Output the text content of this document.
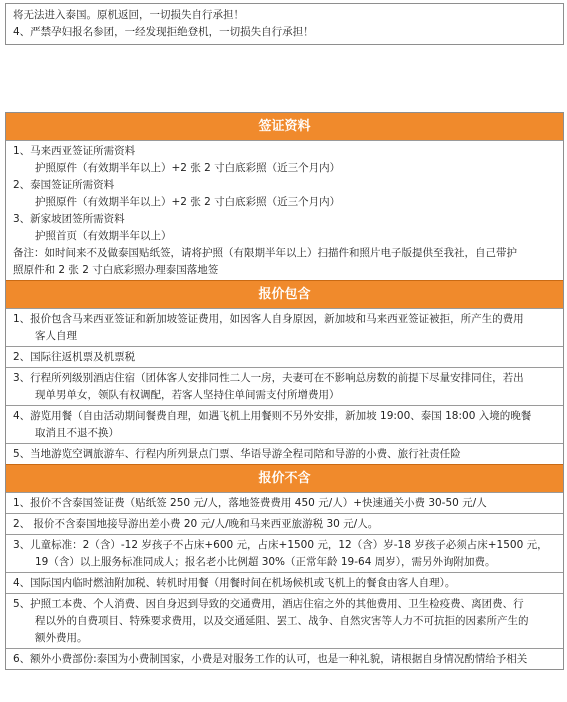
将无法进入泰国。原机返回，一切损失自行承担！
4、严禁孕妇报名参团，一经发现拒绝登机，一切损失自行承担！
签证资料
1、马来西亚签证所需资料
护照原件（有效期半年以上）+2 张 2 寸白底彩照（近三个月内）
2、泰国签证所需资料
护照原件（有效期半年以上）+2 张 2 寸白底彩照（近三个月内）
3、新家坡团签所需资料
护照首页（有效期半年以上）
备注：如时间来不及做泰国贴纸签，请将护照（有限期半年以上）扫描件和照片电子版提供至我社，自己带护
照原件和 2 张 2 寸白底彩照办理泰国落地签
报价包含
1、报价包含马来西亚签证和新加坡签证费用，如因客人自身原因，新加坡和马来西亚签证被拒，所产生的费用
客人自理
2、国际往返机票及机票税
3、行程所列级别酒店住宿（团体客人安排同性二人一房，夫妻可在不影响总房数的前提下尽量安排同住，若出
现单男单女，领队有权调配，若客人坚持住单间需支付所增费用）
4、游览用餐（自由活动期间餐费自理，如遇飞机上用餐则不另外安排，新加坡 19:00、泰国 18:00 入境的晚餐
取消且不退不换）
5、当地游览空调旅游车、行程内所列景点门票、华语导游全程司陪和导游的小费、旅行社责任险
报价不含
1、报价不含泰国签证费（贴纸签 250 元/人，落地签费费用 450 元/人）+快速通关小费 30-50 元/人
2、 报价不含泰国地接导游出差小费 20 元/人/晚和马来西亚旅游税 30 元/人。
3、儿童标准：2（含）-12 岁孩子不占床+600 元，占床+1500 元，12（含）岁-18 岁孩子必须占床+1500 元，
19（含）以上服务标准同成人；报名老小比例超 30%（正常年龄 19-64 周岁），需另外询附加费。
4、国际国内临时燃油附加税、转机时用餐（用餐时间在机场候机或飞机上的餐食由客人自理）。
5、护照工本费、个人消费、因自身迟到导致的交通费用，酒店住宿之外的其他费用、卫生检疫费、离团费、行
程以外的自费项目、特殊要求费用，以及交通延阻、罢工、战争、自然灾害等人力不可抗拒的因素所产生的
额外费用。
6、额外小费部份:泰国为小费制国家，小费是对服务工作的认可，也是一种礼貌，请根据自身情况酌情给予相关
